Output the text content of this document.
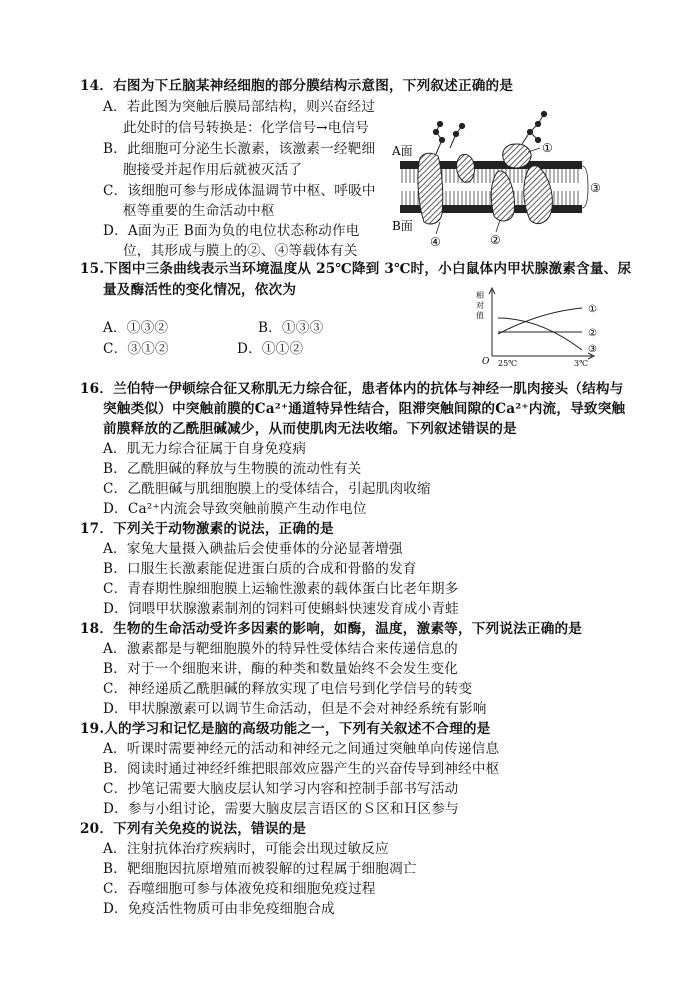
14．右图为下丘脑某神经细胞的部分膜结构示意图，下列叙述正确的是
A．若此图为突触后膜局部结构，则兴奋经过
此处时的信号转换是：化学信号→电信号
B．此细胞可分泌生长激素，该激素一经靶细
胞接受并起作用后就被灭活了
C．该细胞可参与形成体温调节中枢、呼吸中
枢等重要的生命活动中枢
D．A面为正 B面为负的电位状态称动作电
位，其形成与膜上的②、④等载体有关
A面
B面
①
②
③
④
15.下图中三条曲线表示当环境温度从 25℃降到 3℃时，小白鼠体内甲状腺激素含量、尿
量及酶活性的变化情况，依次为
A．①③②	B．①③③
C．③①②	D．①①②
相
对
值
O 25℃	3℃
①
②
③
16．兰伯特一伊顿综合征又称肌无力综合征，患者体内的抗体与神经一肌肉接头（结构与
突触类似）中突触前膜的Ca²⁺通道特异性结合，阻滞突触间隙的Ca²⁺内流，导致突触
前膜释放的乙酰胆碱减少，从而使肌肉无法收缩。下列叙述错误的是
A．肌无力综合征属于自身免疫病
B．乙酰胆碱的释放与生物膜的流动性有关
C．乙酰胆碱与肌细胞膜上的受体结合，引起肌肉收缩
D．Ca²⁺内流会导致突触前膜产生动作电位
17．下列关于动物激素的说法，正确的是
A．家兔大量摄入碘盐后会使垂体的分泌显著增强
B．口服生长激素能促进蛋白质的合成和骨骼的发育
C．青春期性腺细胞膜上运输性激素的载体蛋白比老年期多
D．饲喂甲状腺激素制剂的饲料可使蝌蚪快速发育成小青蛙
18．生物的生命活动受许多因素的影响，如酶，温度，激素等，下列说法正确的是
A．激素都是与靶细胞膜外的特异性受体结合来传递信息的
B．对于一个细胞来讲，酶的种类和数量始终不会发生变化
C．神经递质乙酰胆碱的释放实现了电信号到化学信号的转变
D．甲状腺激素可以调节生命活动，但是不会对神经系统有影响
19.人的学习和记忆是脑的高级功能之一，下列有关叙述不合理的是
A．听课时需要神经元的活动和神经元之间通过突触单向传递信息
B．阅读时通过神经纤维把眼部效应器产生的兴奋传导到神经中枢
C．抄笔记需要大脑皮层认知学习内容和控制手部书写活动
D．参与小组讨论，需要大脑皮层言语区的Ｓ区和Ｈ区参与
20．下列有关免疫的说法，错误的是
A．注射抗体治疗疾病时，可能会出现过敏反应
B．靶细胞因抗原增殖而被裂解的过程属于细胞凋亡
C．吞噬细胞可参与体液免疫和细胞免疫过程
D．免疫活性物质可由非免疫细胞合成
